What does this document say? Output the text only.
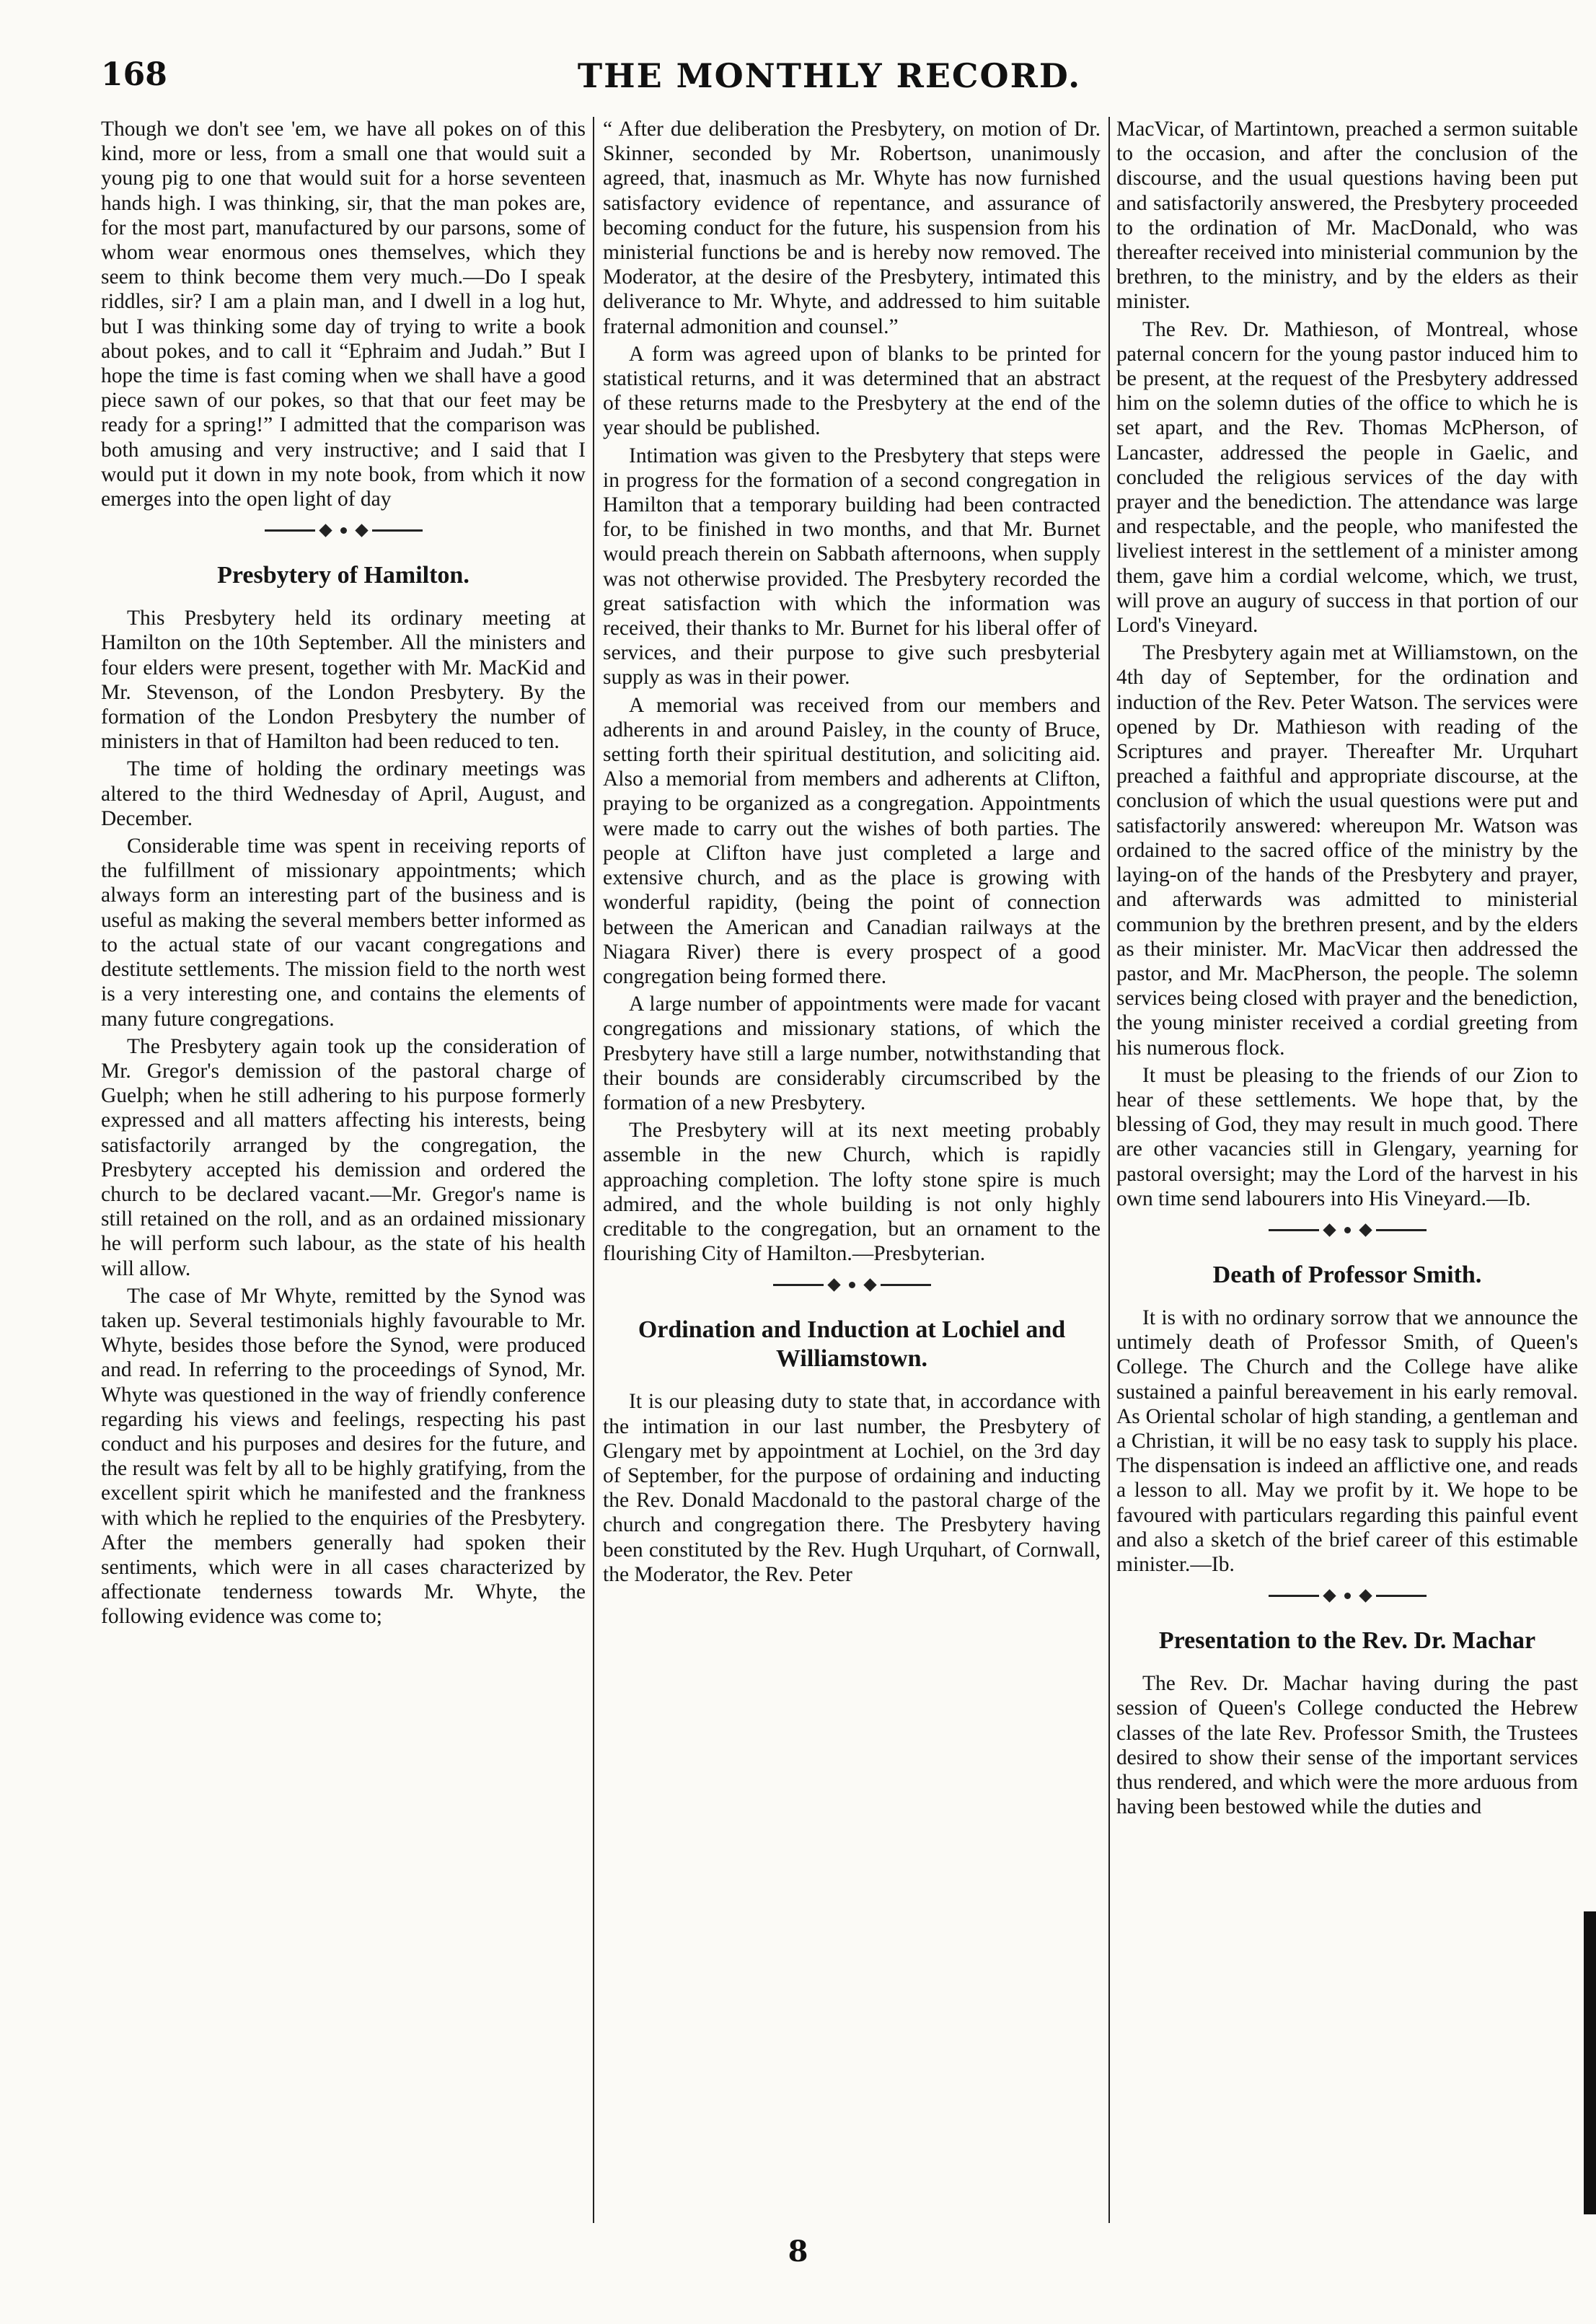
168	THE MONTHLY RECORD.

Though we don't see 'em, we have all pokes on of this kind, more or less, from a small one that would suit a young pig to one that would suit for a horse seventeen hands high. I was thinking, sir, that the man pokes are, for the most part, manufactured by our parsons, some of whom wear enormous ones themselves, which they seem to think become them very much.—Do I speak riddles, sir? I am a plain man, and I dwell in a log hut, but I was thinking some day of trying to write a book about pokes, and to call it “Ephraim and Judah.” But I hope the time is fast coming when we shall have a good piece sawn of our pokes, so that that our feet may be ready for a spring!” I admitted that the comparison was both amusing and very instructive; and I said that I would put it down in my note book, from which it now emerges into the open light of day

Presbytery of Hamilton.

This Presbytery held its ordinary meeting at Hamilton on the 10th September. All the ministers and four elders were present, together with Mr. MacKid and Mr. Stevenson, of the London Presbytery. By the formation of the London Presbytery the number of ministers in that of Hamilton had been reduced to ten.

The time of holding the ordinary meetings was altered to the third Wednesday of April, August, and December.

Considerable time was spent in receiving reports of the fulfillment of missionary appointments; which always form an interesting part of the business and is useful as making the several members better informed as to the actual state of our vacant congregations and destitute settlements. The mission field to the north west is a very interesting one, and contains the elements of many future congregations.

The Presbytery again took up the consideration of Mr. Gregor's demission of the pastoral charge of Guelph; when he still adhering to his purpose formerly expressed and all matters affecting his interests, being satisfactorily arranged by the congregation, the Presbytery accepted his demission and ordered the church to be declared vacant.—Mr. Gregor's name is still retained on the roll, and as an ordained missionary he will perform such labour, as the state of his health will allow.

The case of Mr Whyte, remitted by the Synod was taken up. Several testimonials highly favourable to Mr. Whyte, besides those before the Synod, were produced and read. In referring to the proceedings of Synod, Mr. Whyte was questioned in the way of friendly conference regarding his views and feelings, respecting his past conduct and his purposes and desires for the future, and the result was felt by all to be highly gratifying, from the excellent spirit which he manifested and the frankness with which he replied to the enquiries of the Presbytery. After the members generally had spoken their sentiments, which were in all cases characterized by affectionate tenderness towards Mr. Whyte, the following evidence was come to;

“ After due deliberation the Presbytery, on motion of Dr. Skinner, seconded by Mr. Robertson, unanimously agreed, that, inasmuch as Mr. Whyte has now furnished satisfactory evidence of repentance, and assurance of becoming conduct for the future, his suspension from his ministerial functions be and is hereby now removed. The Moderator, at the desire of the Presbytery, intimated this deliverance to Mr. Whyte, and addressed to him suitable fraternal admonition and counsel.”

A form was agreed upon of blanks to be printed for statistical returns, and it was determined that an abstract of these returns made to the Presbytery at the end of the year should be published.

Intimation was given to the Presbytery that steps were in progress for the formation of a second congregation in Hamilton that a temporary building had been contracted for, to be finished in two months, and that Mr. Burnet would preach therein on Sabbath afternoons, when supply was not otherwise provided. The Presbytery recorded the great satisfaction with which the information was received, their thanks to Mr. Burnet for his liberal offer of services, and their purpose to give such presbyterial supply as was in their power.

A memorial was received from our members and adherents in and around Paisley, in the county of Bruce, setting forth their spiritual destitution, and soliciting aid. Also a memorial from members and adherents at Clifton, praying to be organized as a congregation. Appointments were made to carry out the wishes of both parties. The people at Clifton have just completed a large and extensive church, and as the place is growing with wonderful rapidity, (being the point of connection between the American and Canadian railways at the Niagara River) there is every prospect of a good congregation being formed there.

A large number of appointments were made for vacant congregations and missionary stations, of which the Presbytery have still a large number, notwithstanding that their bounds are considerably circumscribed by the formation of a new Presbytery.

The Presbytery will at its next meeting probably assemble in the new Church, which is rapidly approaching completion. The lofty stone spire is much admired, and the whole building is not only highly creditable to the congregation, but an ornament to the flourishing City of Hamilton.—Presbyterian.

Ordination and Induction at Lochiel and Williamstown.

It is our pleasing duty to state that, in accordance with the intimation in our last number, the Presbytery of Glengary met by appointment at Lochiel, on the 3rd day of September, for the purpose of ordaining and inducting the Rev. Donald Macdonald to the pastoral charge of the church and congregation there. The Presbytery having been constituted by the Rev. Hugh Urquhart, of Cornwall, the Moderator, the Rev. Peter

MacVicar, of Martintown, preached a sermon suitable to the occasion, and after the conclusion of the discourse, and the usual questions having been put and satisfactorily answered, the Presbytery proceeded to the ordination of Mr. MacDonald, who was thereafter received into ministerial communion by the brethren, to the ministry, and by the elders as their minister.

The Rev. Dr. Mathieson, of Montreal, whose paternal concern for the young pastor induced him to be present, at the request of the Presbytery addressed him on the solemn duties of the office to which he is set apart, and the Rev. Thomas McPherson, of Lancaster, addressed the people in Gaelic, and concluded the religious services of the day with prayer and the benediction. The attendance was large and respectable, and the people, who manifested the liveliest interest in the settlement of a minister among them, gave him a cordial welcome, which, we trust, will prove an augury of success in that portion of our Lord's Vineyard.

The Presbytery again met at Williamstown, on the 4th day of September, for the ordination and induction of the Rev. Peter Watson. The services were opened by Dr. Mathieson with reading of the Scriptures and prayer. Thereafter Mr. Urquhart preached a faithful and appropriate discourse, at the conclusion of which the usual questions were put and satisfactorily answered: whereupon Mr. Watson was ordained to the sacred office of the ministry by the laying-on of the hands of the Presbytery and prayer, and afterwards was admitted to ministerial communion by the brethren present, and by the elders as their minister. Mr. MacVicar then addressed the pastor, and Mr. MacPherson, the people. The solemn services being closed with prayer and the benediction, the young minister received a cordial greeting from his numerous flock.

It must be pleasing to the friends of our Zion to hear of these settlements. We hope that, by the blessing of God, they may result in much good. There are other vacancies still in Glengary, yearning for pastoral oversight; may the Lord of the harvest in his own time send labourers into His Vineyard.—Ib.

Death of Professor Smith.

It is with no ordinary sorrow that we announce the untimely death of Professor Smith, of Queen's College. The Church and the College have alike sustained a painful bereavement in his early removal. As Oriental scholar of high standing, a gentleman and a Christian, it will be no easy task to supply his place. The dispensation is indeed an afflictive one, and reads a lesson to all. May we profit by it. We hope to be favoured with particulars regarding this painful event and also a sketch of the brief career of this estimable minister.—Ib.

Presentation to the Rev. Dr. Machar

The Rev. Dr. Machar having during the past session of Queen's College conducted the Hebrew classes of the late Rev. Professor Smith, the Trustees desired to show their sense of the important services thus rendered, and which were the more arduous from having been bestowed while the duties and

8
